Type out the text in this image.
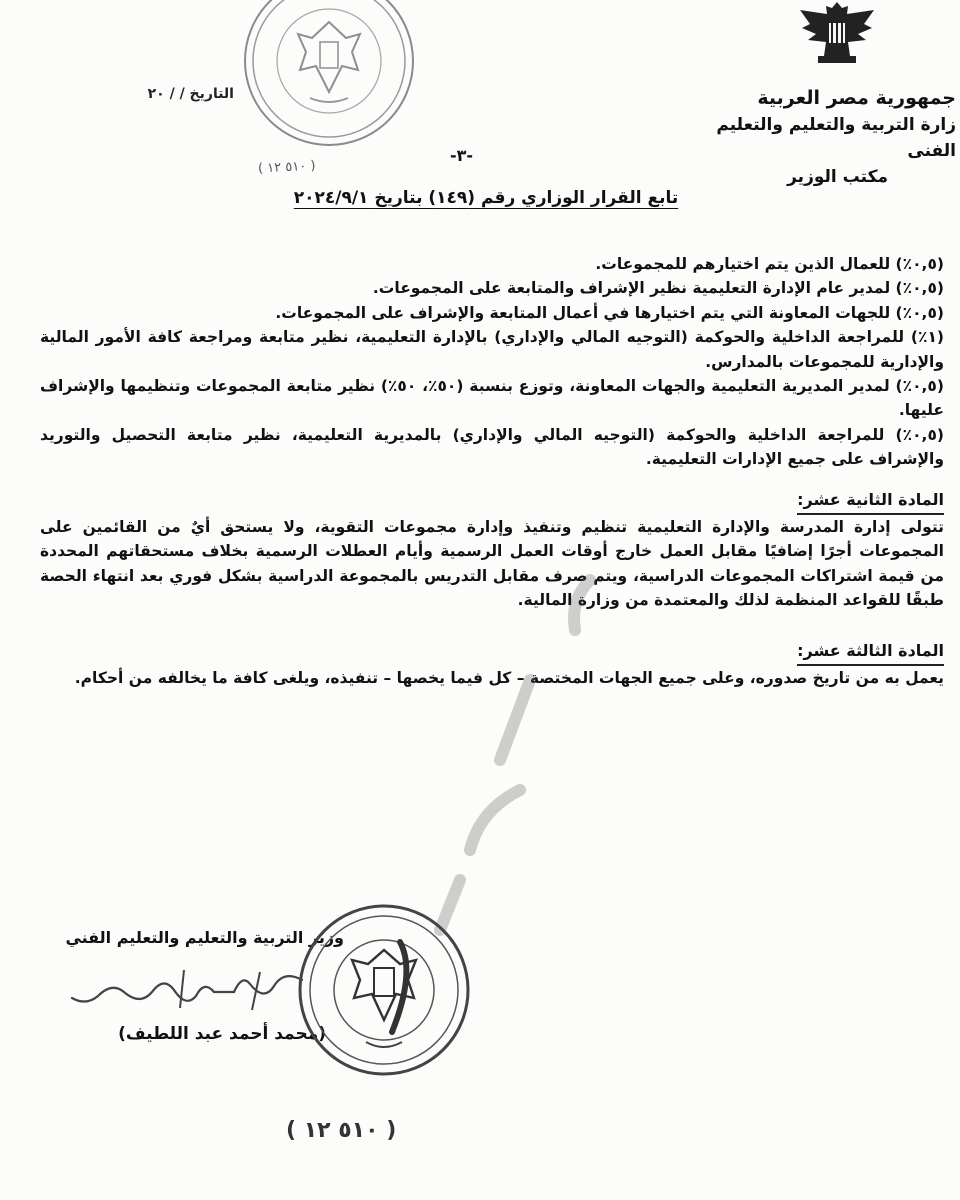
( ٥١٠ ١٢ )
جمهورية مصر العربية
زارة التربية والتعليم والتعليم الفنى
مكتب الوزير
التاريخ / / ٢٠
-٣-
تابع القرار الوزاري رقم (١٤٩) بتاريخ ٢٠٢٤/٩/١

(٠,٥٪) للعمال الذين يتم اختيارهم للمجموعات.

(٠,٥٪) لمدير عام الإدارة التعليمية نظير الإشراف والمتابعة على المجموعات.

(٠,٥٪) للجهات المعاونة التي يتم اختيارها في أعمال المتابعة والإشراف على المجموعات.

(١٪) للمراجعة الداخلية والحوكمة (التوجيه المالي والإداري) بالإدارة التعليمية، نظير متابعة ومراجعة كافة الأمور المالية والإدارية للمجموعات بالمدارس.

(٠,٥٪) لمدير المديرية التعليمية والجهات المعاونة، وتوزع بنسبة (٥٠٪، ٥٠٪) نظير متابعة المجموعات وتنظيمها والإشراف عليها.

(٠,٥٪) للمراجعة الداخلية والحوكمة (التوجيه المالي والإداري) بالمديرية التعليمية، نظير متابعة التحصيل والتوريد والإشراف على جميع الإدارات التعليمية.

المادة الثانية عشر:

تتولى إدارة المدرسة والإدارة التعليمية تنظيم وتنفيذ وإدارة مجموعات التقوية، ولا يستحق أيٌ من القائمين على المجموعات أجرًا إضافيًا مقابل العمل خارج أوقات العمل الرسمية وأيام العطلات الرسمية بخلاف مستحقاتهم المحددة من قيمة اشتراكات المجموعات الدراسية، ويتم صرف مقابل التدريس بالمجموعة الدراسية بشكل فوري بعد انتهاء الحصة طبقًا للقواعد المنظمة لذلك والمعتمدة من وزارة المالية.

المادة الثالثة عشر:

يعمل به من تاريخ صدوره، وعلى جميع الجهات المختصة – كل فيما يخصها – تنفيذه، ويلغى كافة ما يخالفه من أحكام.

وزير التربية والتعليم والتعليم الفني
(محمد أحمد عبد اللطيف)
( ٥١٠ ١٢ )
